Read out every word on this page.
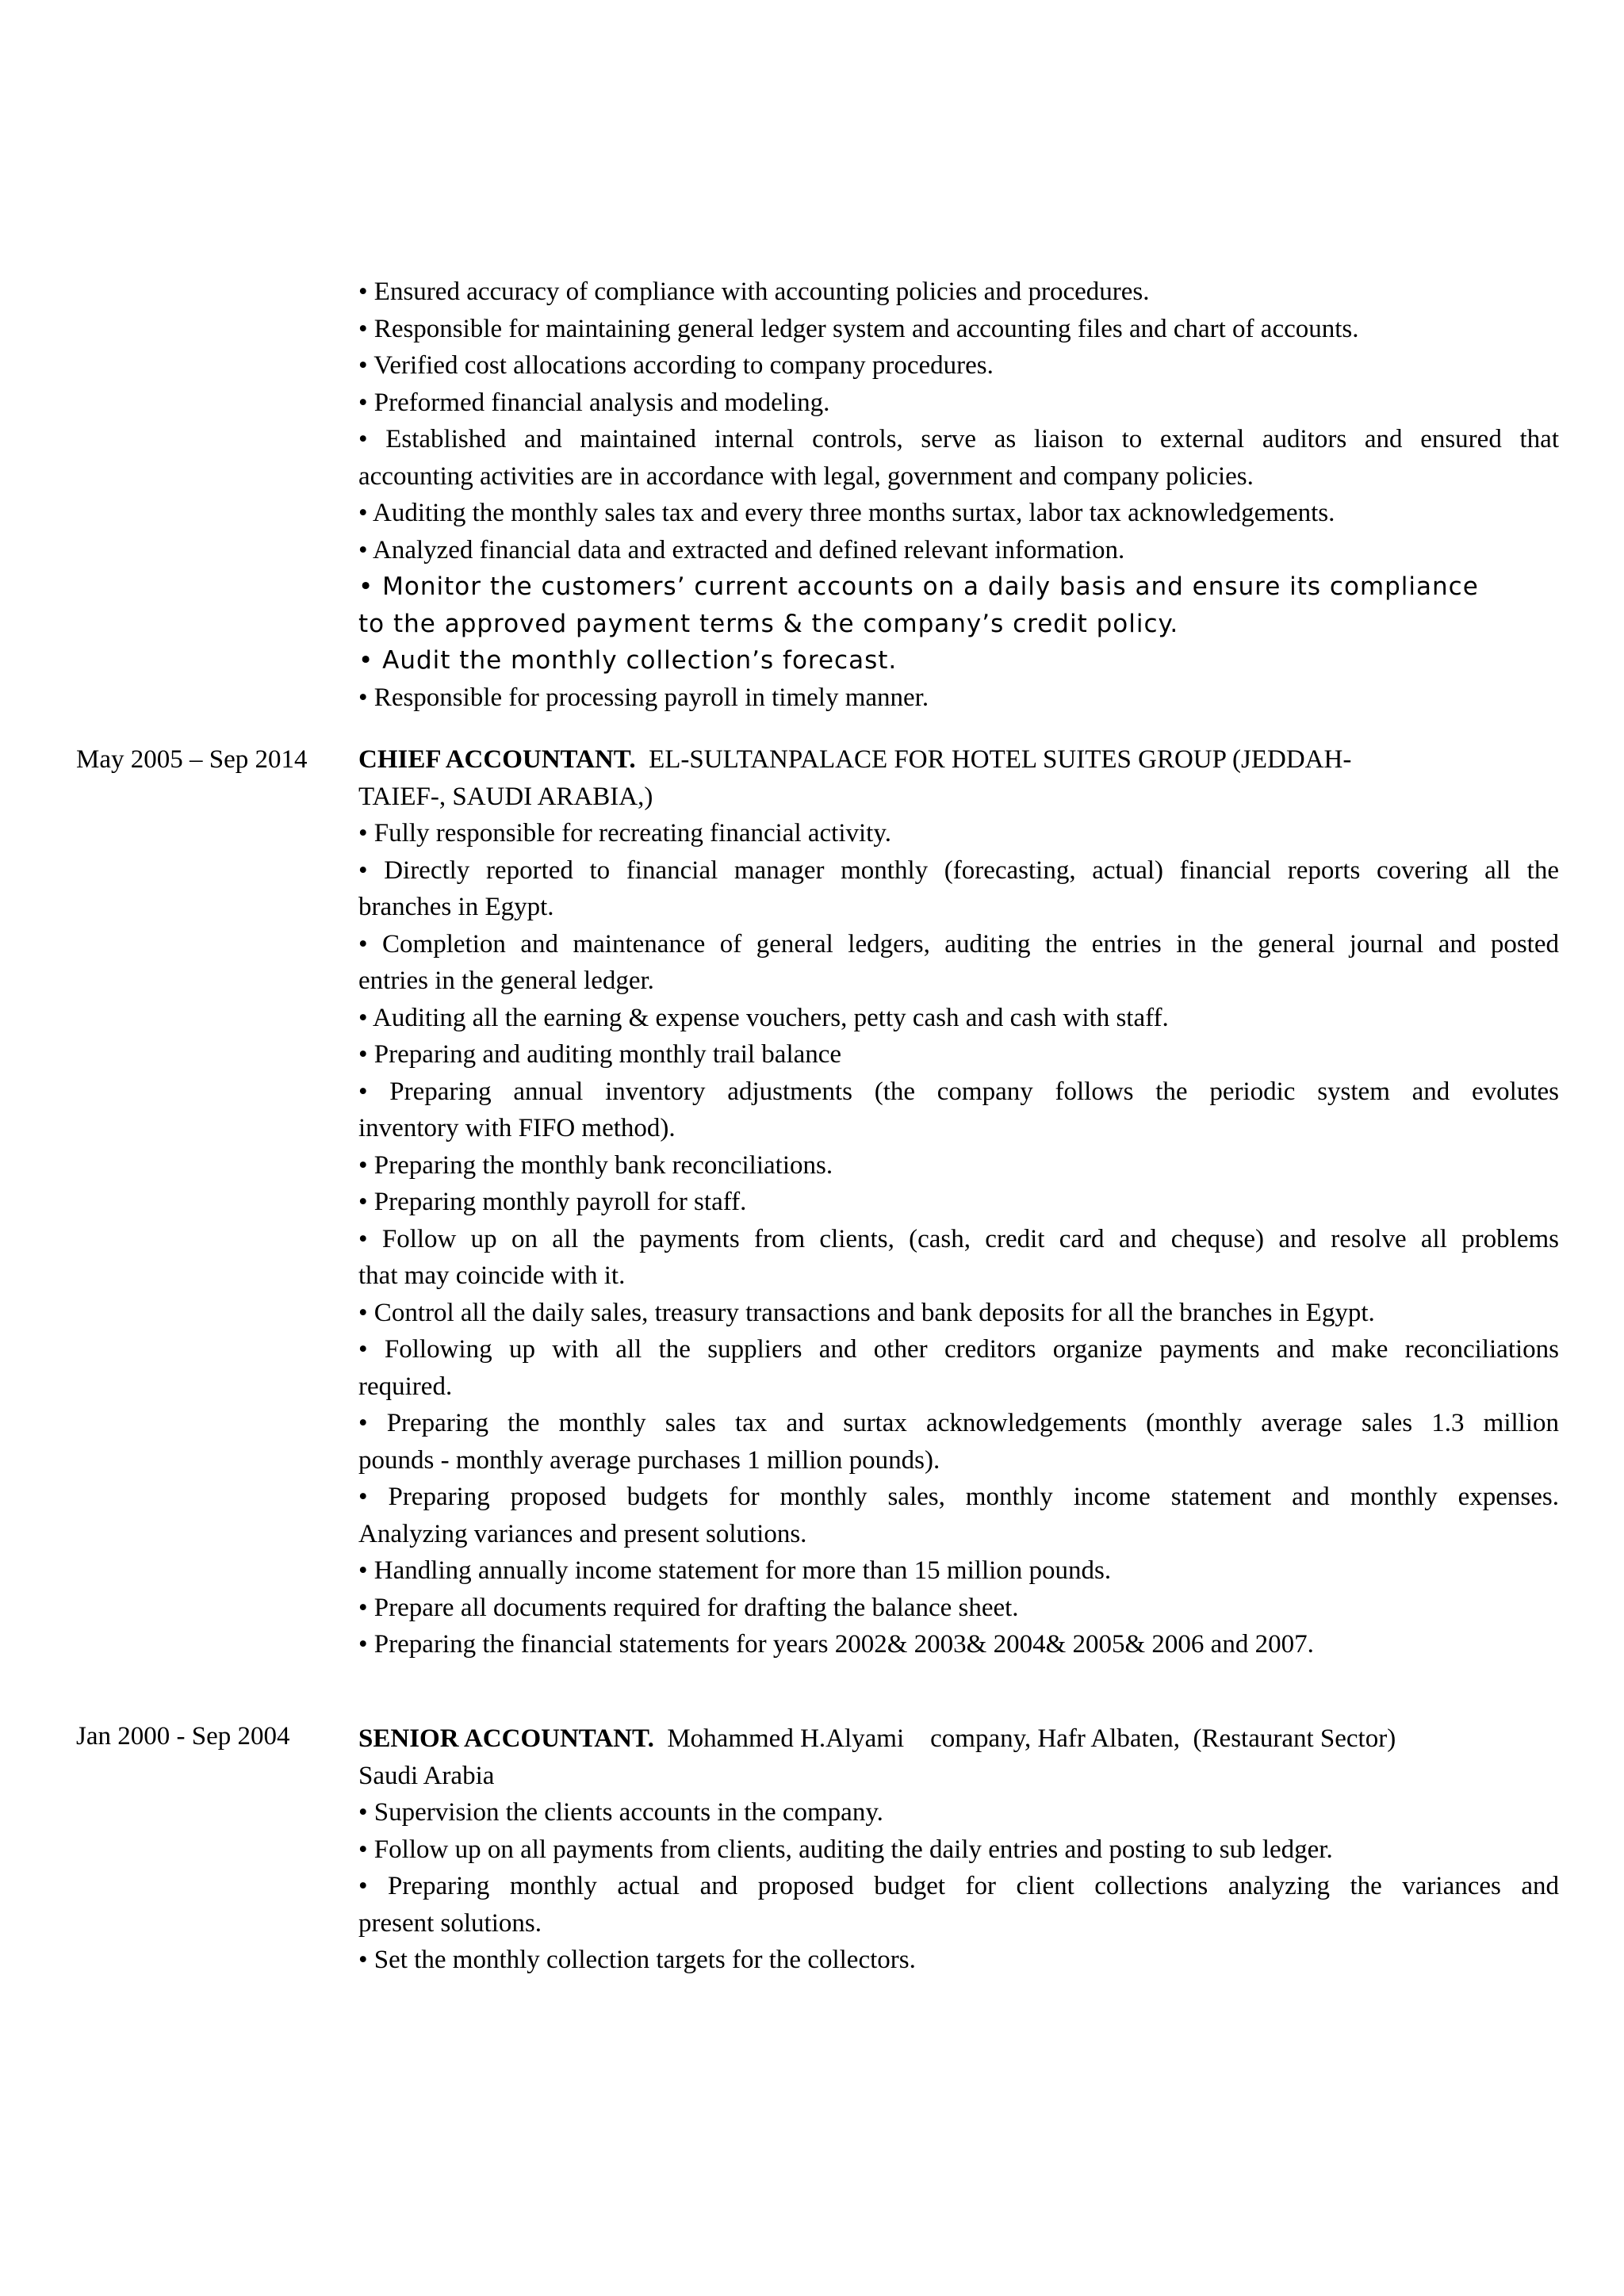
• Ensured accuracy of compliance with accounting policies and procedures.
• Responsible for maintaining general ledger system and accounting files and chart of accounts.
• Verified cost allocations according to company procedures.
• Preformed financial analysis and modeling.
• Established and maintained internal controls, serve as liaison to external auditors and ensured that
accounting activities are in accordance with legal, government and company policies.
• Auditing the monthly sales tax and every three months surtax, labor tax acknowledgements.
• Analyzed financial data and extracted and defined relevant information.
• Monitor the customers’ current accounts on a daily basis and ensure its compliance
to the approved payment terms & the company’s credit policy.
• Audit the monthly collection’s forecast.
• Responsible for processing payroll in timely manner.
May 2005 – Sep 2014	CHIEF ACCOUNTANT. EL-SULTANPALACE FOR HOTEL SUITES GROUP (JEDDAH-
TAIEF-, SAUDI ARABIA,)
• Fully responsible for recreating financial activity.
• Directly reported to financial manager monthly (forecasting, actual) financial reports covering all the
branches in Egypt.
• Completion and maintenance of general ledgers, auditing the entries in the general journal and posted
entries in the general ledger.
• Auditing all the earning & expense vouchers, petty cash and cash with staff.
• Preparing and auditing monthly trail balance
• Preparing annual inventory adjustments (the company follows the periodic system and evolutes
inventory with FIFO method).
• Preparing the monthly bank reconciliations.
• Preparing monthly payroll for staff.
• Follow up on all the payments from clients, (cash, credit card and chequse) and resolve all problems
that may coincide with it.
• Control all the daily sales, treasury transactions and bank deposits for all the branches in Egypt.
• Following up with all the suppliers and other creditors organize payments and make reconciliations
required.
• Preparing the monthly sales tax and surtax acknowledgements (monthly average sales 1.3 million
pounds - monthly average purchases 1 million pounds).
• Preparing proposed budgets for monthly sales, monthly income statement and monthly expenses.
Analyzing variances and present solutions.
• Handling annually income statement for more than 15 million pounds.
• Prepare all documents required for drafting the balance sheet.
• Preparing the financial statements for years 2002& 2003& 2004& 2005& 2006 and 2007.
Jan 2000 - Sep 2004	SENIOR ACCOUNTANT. Mohammed H.Alyami    company, Hafr Albaten,  (Restaurant Sector)
Saudi Arabia
• Supervision the clients accounts in the company.
• Follow up on all payments from clients, auditing the daily entries and posting to sub ledger.
• Preparing monthly actual and proposed budget for client collections analyzing the variances and
present solutions.
• Set the monthly collection targets for the collectors.
